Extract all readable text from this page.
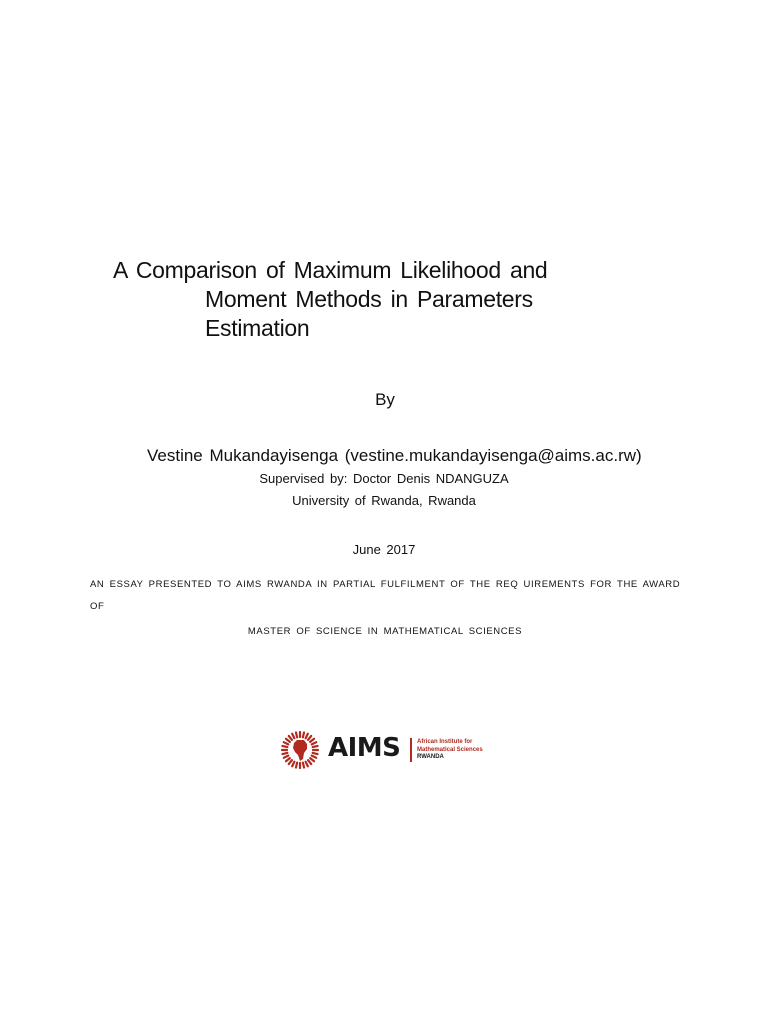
A Comparison of Maximum Likelihood and
Moment Methods in Parameters
Estimation
By
Vestine Mukandayisenga (vestine.mukandayisenga@aims.ac.rw)
Supervised by: Doctor Denis NDANGUZA
University of Rwanda, Rwanda
June 2017
AN ESSAY PRESENTED TO AIMS RWANDA IN PARTIAL FULFILMENT OF THE REQ UIREMENTS FOR THE AWARD
OF
MASTER OF SCIENCE IN MATHEMATICAL SCIENCES
AIMS	African Institute for
Mathematical Sciences
RWANDA
